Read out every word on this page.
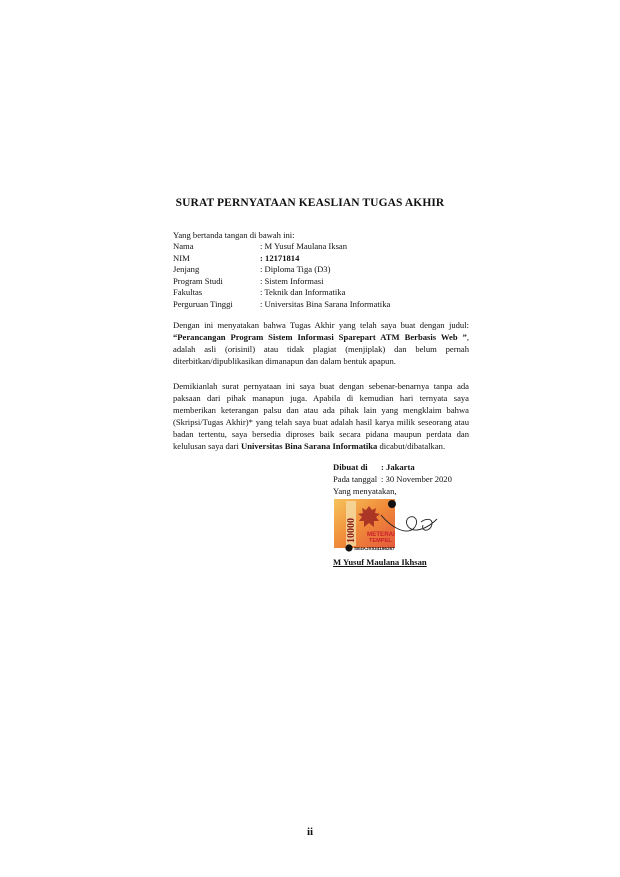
SURAT PERNYATAAN KEASLIAN TUGAS AKHIR
Yang bertanda tangan di bawah ini:
Nama	: M Yusuf Maulana Iksan
NIM	: 12171814
Jenjang	: Diploma Tiga (D3)
Program Studi	: Sistem Informasi
Fakultas	: Teknik dan Informatika
Perguruan Tinggi	: Universitas Bina Sarana Informatika
Dengan ini menyatakan bahwa Tugas Akhir yang telah saya buat dengan judul: “Perancangan Program Sistem Informasi Sparepart ATM Berbasis Web ”, adalah asli (orisinil) atau tidak plagiat (menjiplak) dan belum pernah diterbitkan/dipublikasikan dimanapun dan dalam bentuk apapun.
Demikianlah surat pernyataan ini saya buat dengan sebenar-benarnya tanpa ada paksaan dari pihak manapun juga. Apabila di kemudian hari ternyata saya memberikan keterangan palsu dan atau ada pihak lain yang mengklaim bahwa (Skripsi/Tugas Akhir)* yang telah saya buat adalah hasil karya milik seseorang atau badan tertentu, saya bersedia diproses baik secara pidana maupun perdata dan kelulusan saya dari Universitas Bina Sarana Informatika dicabut/dibatalkan.
Dibuat di	: Jakarta
Pada tanggal : 30 November 2020
Yang menyatakan,
10000 METERAI
TEMPEL
SE4AJX034166257
M Yusuf Maulana Ikhsan
ii
